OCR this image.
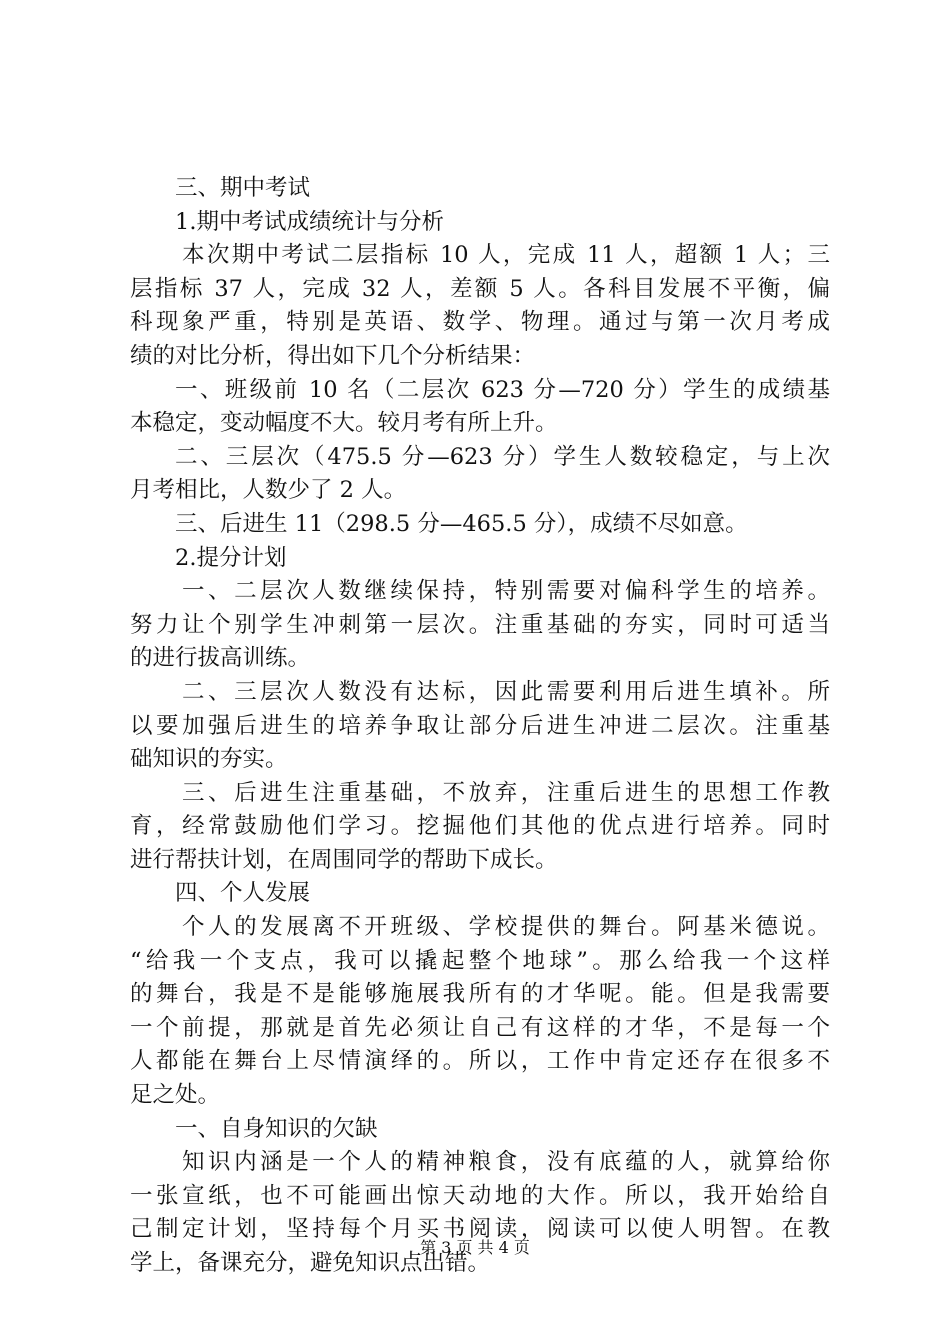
三、期中考试
1.期中考试成绩统计与分析
本次期中考试二层指标 10 人，完成 11 人，超额 1 人；三
层指标 37 人，完成 32 人，差额 5 人。各科目发展不平衡，偏
科现象严重，特别是英语、数学、物理。通过与第一次月考成
绩的对比分析，得出如下几个分析结果：
一、班级前 10 名（二层次 623 分—720 分）学生的成绩基
本稳定，变动幅度不大。较月考有所上升。
二、三层次（475.5 分—623 分）学生人数较稳定，与上次
月考相比，人数少了 2 人。
三、后进生 11（298.5 分—465.5 分），成绩不尽如意。
2.提分计划
一、二层次人数继续保持，特别需要对偏科学生的培养。
努力让个别学生冲刺第一层次。注重基础的夯实，同时可适当
的进行拔高训练。
二、三层次人数没有达标，因此需要利用后进生填补。所
以要加强后进生的培养争取让部分后进生冲进二层次。注重基
础知识的夯实。
三、后进生注重基础，不放弃，注重后进生的思想工作教
育，经常鼓励他们学习。挖掘他们其他的优点进行培养。同时
进行帮扶计划，在周围同学的帮助下成长。
四、个人发展
个人的发展离不开班级、学校提供的舞台。阿基米德说。
“给我一个支点，我可以撬起整个地球”。那么给我一个这样
的舞台，我是不是能够施展我所有的才华呢。能。但是我需要
一个前提，那就是首先必须让自己有这样的才华，不是每一个
人都能在舞台上尽情演绎的。所以，工作中肯定还存在很多不
足之处。
一、自身知识的欠缺
知识内涵是一个人的精神粮食，没有底蕴的人，就算给你
一张宣纸，也不可能画出惊天动地的大作。所以，我开始给自
己制定计划，坚持每个月买书阅读，阅读可以使人明智。在教
学上，备课充分，避免知识点出错。
第 3 页 共 4 页
